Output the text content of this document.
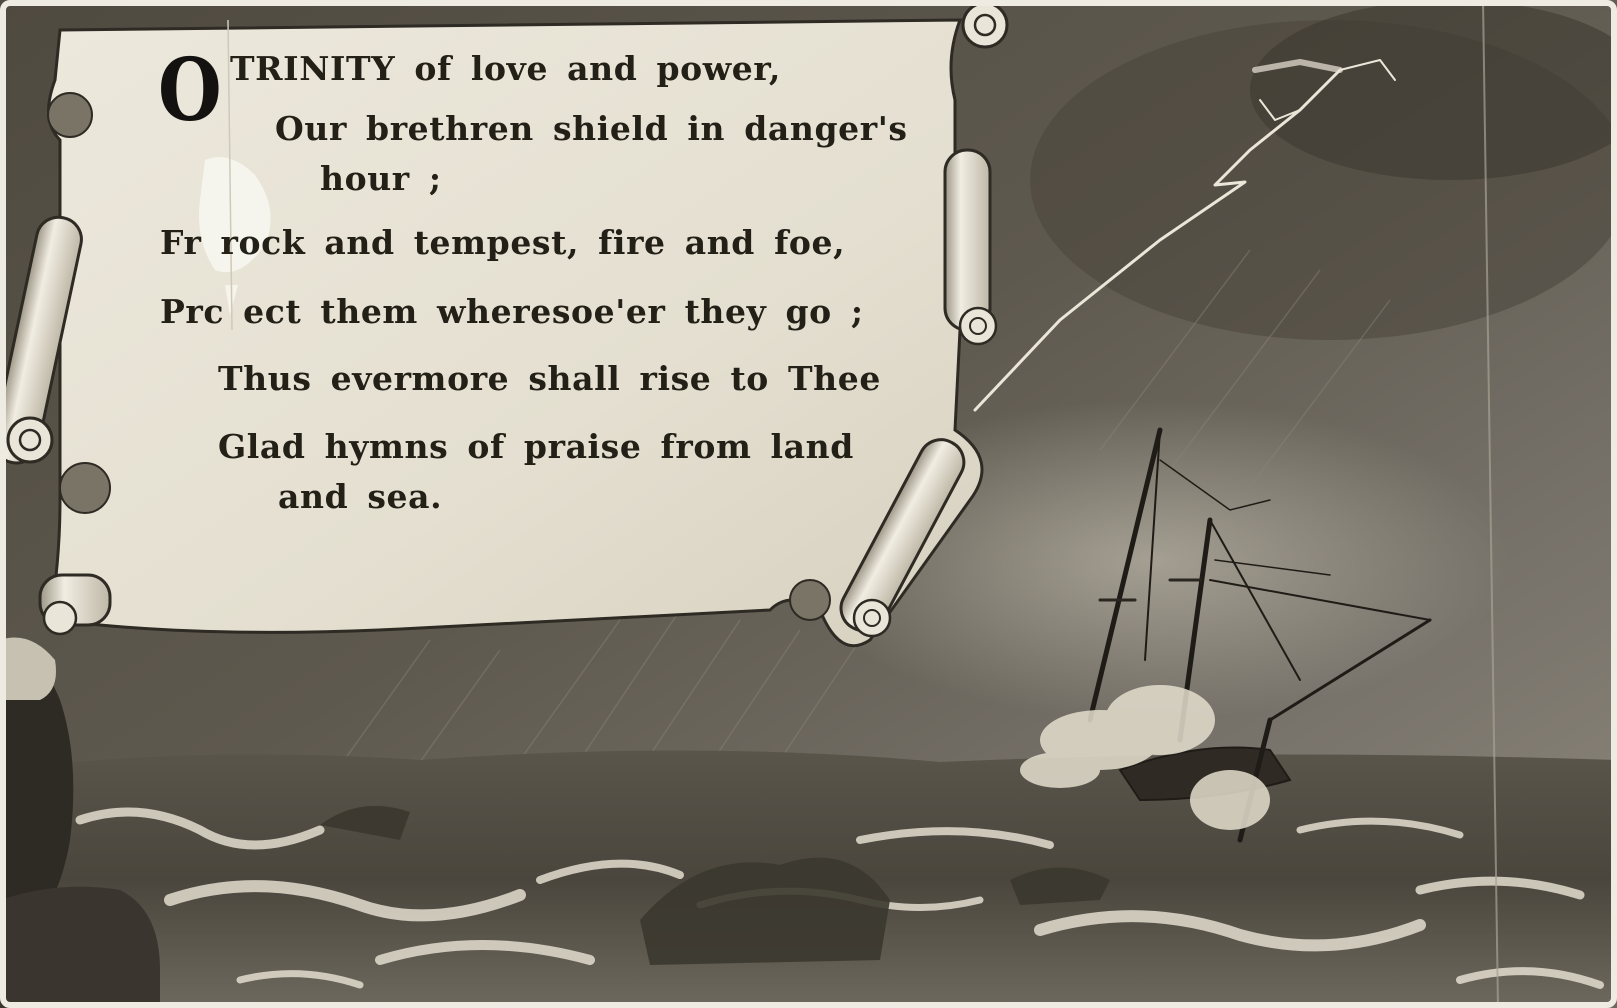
O TRINITY of love and power,
Our brethren shield in danger's
hour ;
Fr rock and tempest, fire and foe,
Prc ect them wheresoe'er they go ;
Thus evermore shall rise to Thee
Glad hymns of praise from land
and sea.
